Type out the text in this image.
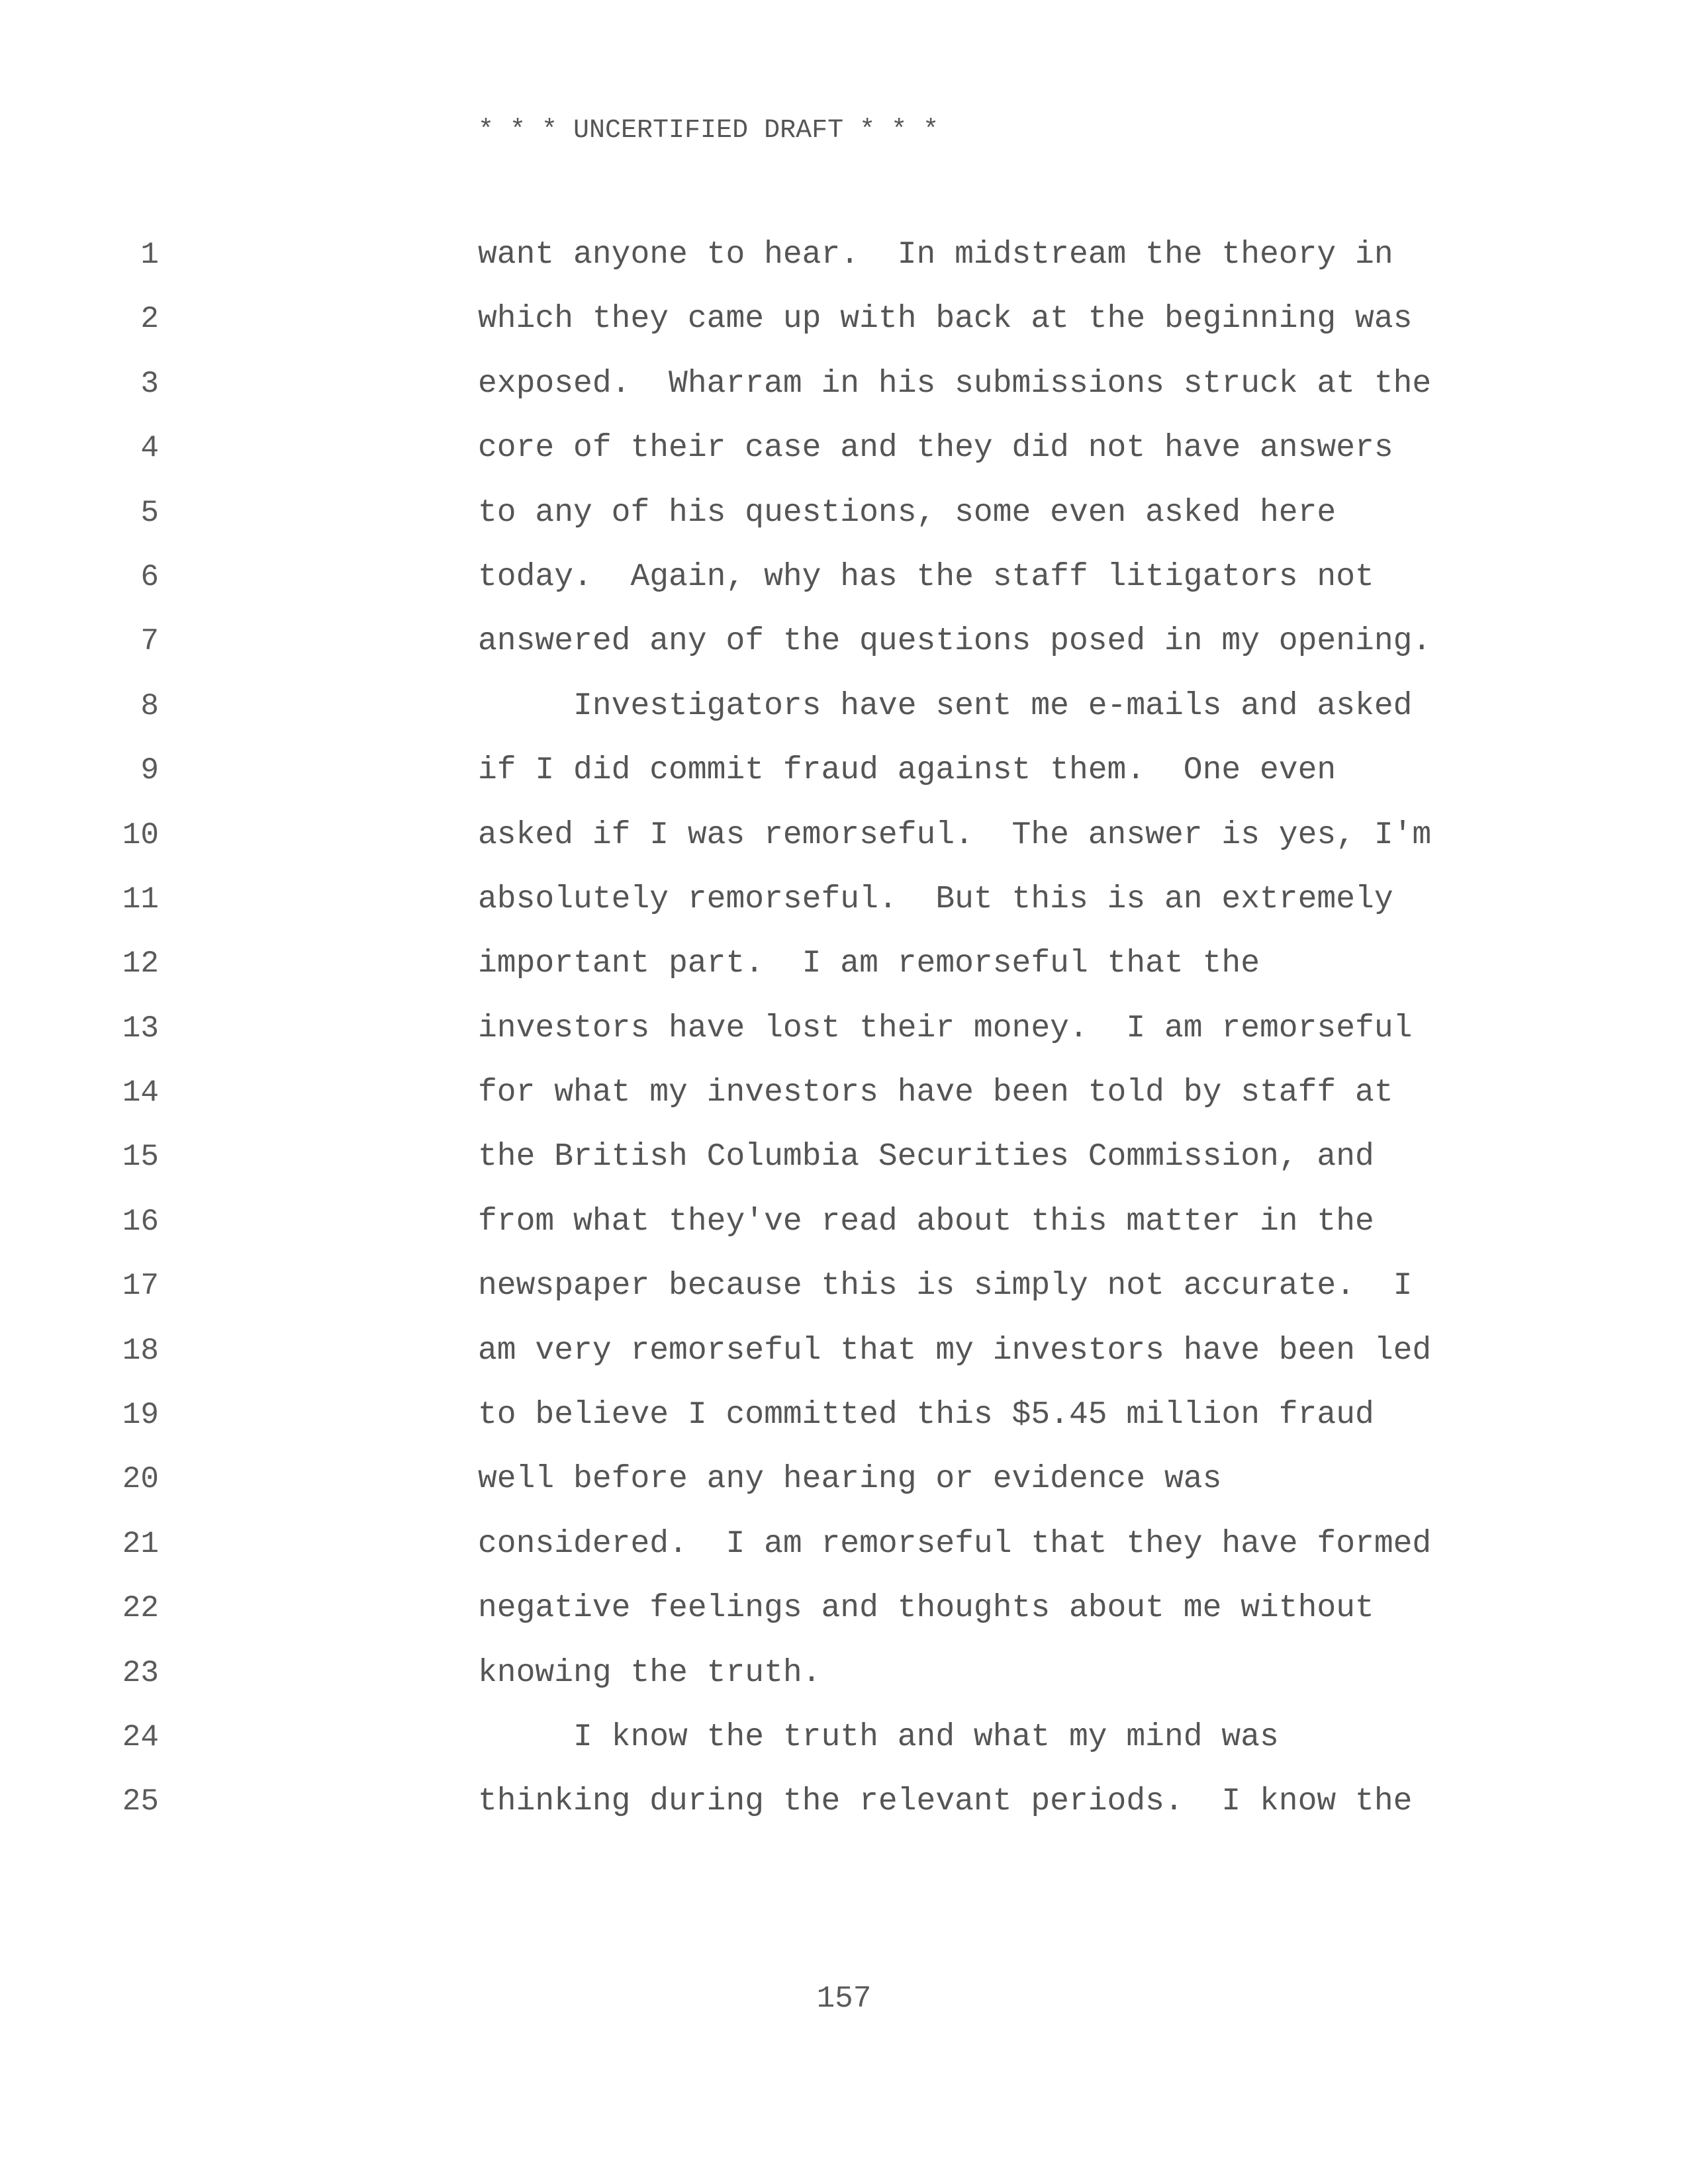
* * * UNCERTIFIED DRAFT * * *
1	want anyone to hear.  In midstream the theory in
2	which they came up with back at the beginning was
3	exposed.  Wharram in his submissions struck at the
4	core of their case and they did not have answers
5	to any of his questions, some even asked here
6	today.  Again, why has the staff litigators not
7	answered any of the questions posed in my opening.
8	Investigators have sent me e-mails and asked
9	if I did commit fraud against them.  One even
10	asked if I was remorseful.  The answer is yes, I'm
11	absolutely remorseful.  But this is an extremely
12	important part.  I am remorseful that the
13	investors have lost their money.  I am remorseful
14	for what my investors have been told by staff at
15	the British Columbia Securities Commission, and
16	from what they've read about this matter in the
17	newspaper because this is simply not accurate.  I
18	am very remorseful that my investors have been led
19	to believe I committed this $5.45 million fraud
20	well before any hearing or evidence was
21	considered.  I am remorseful that they have formed
22	negative feelings and thoughts about me without
23	knowing the truth.
24	I know the truth and what my mind was
25	thinking during the relevant periods.  I know the
157
